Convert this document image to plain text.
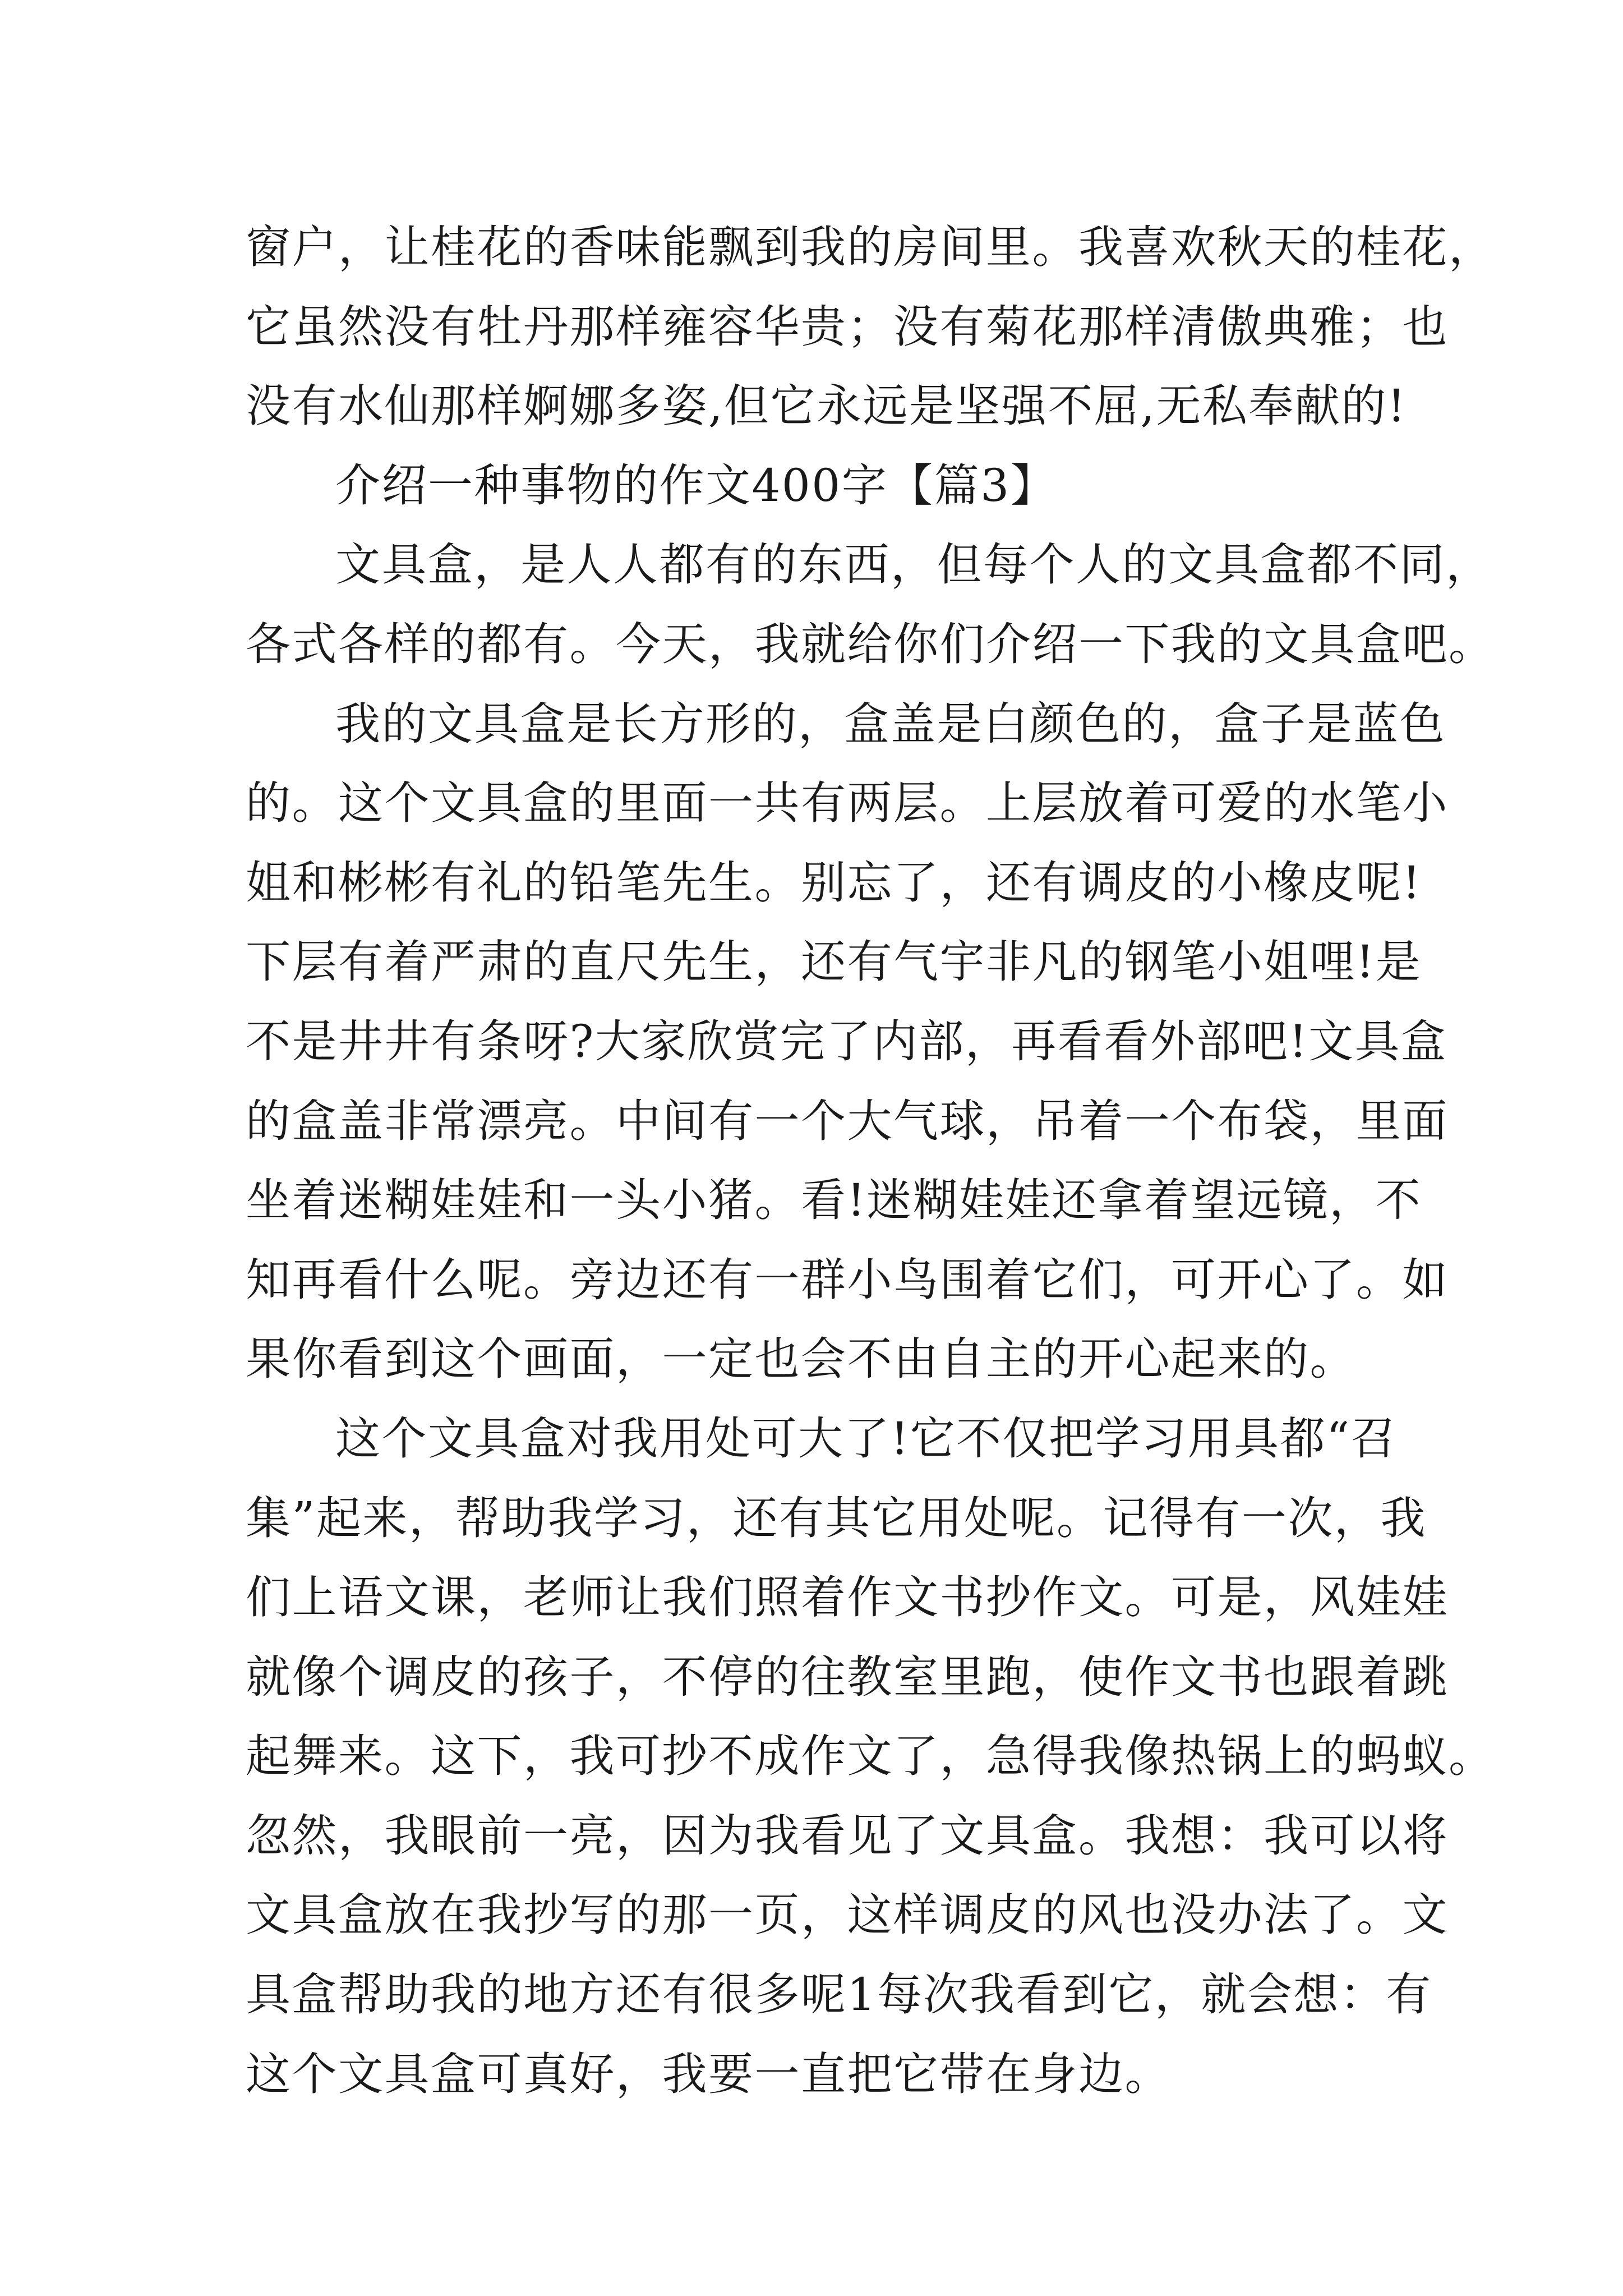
窗户，让桂花的香味能飘到我的房间里。我喜欢秋天的桂花，
它虽然没有牡丹那样雍容华贵；没有菊花那样清傲典雅；也
没有水仙那样婀娜多姿,但它永远是坚强不屈,无私奉献的!
介绍一种事物的作文400字【篇3】
文具盒，是人人都有的东西，但每个人的文具盒都不同，
各式各样的都有。今天，我就给你们介绍一下我的文具盒吧。
我的文具盒是长方形的，盒盖是白颜色的，盒子是蓝色
的。这个文具盒的里面一共有两层。上层放着可爱的水笔小
姐和彬彬有礼的铅笔先生。别忘了，还有调皮的小橡皮呢!
下层有着严肃的直尺先生，还有气宇非凡的钢笔小姐哩!是
不是井井有条呀?大家欣赏完了内部，再看看外部吧!文具盒
的盒盖非常漂亮。中间有一个大气球，吊着一个布袋，里面
坐着迷糊娃娃和一头小猪。看!迷糊娃娃还拿着望远镜，不
知再看什么呢。旁边还有一群小鸟围着它们，可开心了。如
果你看到这个画面，一定也会不由自主的开心起来的。
这个文具盒对我用处可大了!它不仅把学习用具都“召
集”起来，帮助我学习，还有其它用处呢。记得有一次，我
们上语文课，老师让我们照着作文书抄作文。可是，风娃娃
就像个调皮的孩子，不停的往教室里跑，使作文书也跟着跳
起舞来。这下，我可抄不成作文了，急得我像热锅上的蚂蚁。
忽然，我眼前一亮，因为我看见了文具盒。我想：我可以将
文具盒放在我抄写的那一页，这样调皮的风也没办法了。文
具盒帮助我的地方还有很多呢1每次我看到它，就会想：有
这个文具盒可真好，我要一直把它带在身边。
